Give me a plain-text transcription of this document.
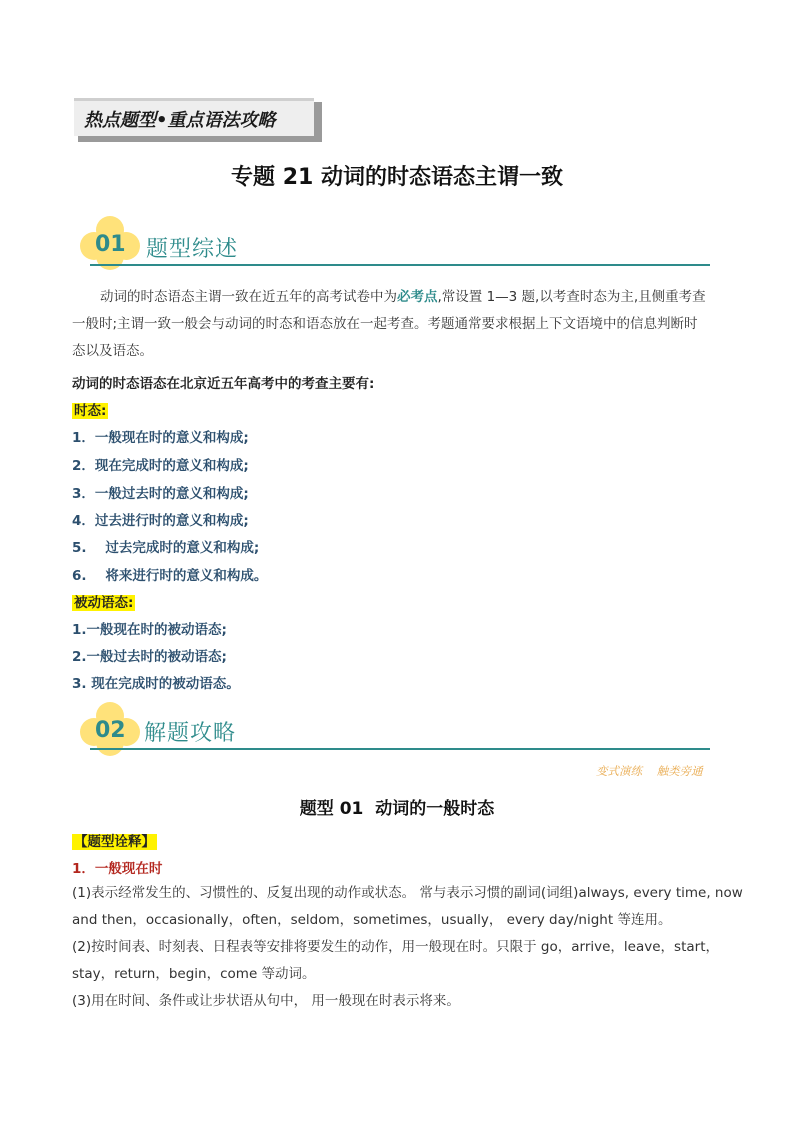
热点题型•重点语法攻略
专题 21 动词的时态语态主谓一致
01 题型综述
动词的时态语态主谓一致在近五年的高考试卷中为必考点,常设置 1—3 题,以考查时态为主,且侧重考查
一般时;主谓一致一般会与动词的时态和语态放在一起考查。考题通常要求根据上下文语境中的信息判断时
态以及语态。
动词的时态语态在北京近五年高考中的考查主要有:
时态:
1．一般现在时的意义和构成;
2．现在完成时的意义和构成;
3．一般过去时的意义和构成;
4．过去进行时的意义和构成;
5.    过去完成时的意义和构成;
6.    将来进行时的意义和构成。
被动语态:
1.一般现在时的被动语态;
2.一般过去时的被动语态;
3. 现在完成时的被动语态。
02 解题攻略
变式演练    触类旁通
题型 01  动词的一般时态
【题型诠释】
1．一般现在时
(1)表示经常发生的、习惯性的、反复出现的动作或状态。 常与表示习惯的副词(词组)always, every time, now
and then，occasionally，often，seldom，sometimes，usually， every day/night 等连用。
(2)按时间表、时刻表、日程表等安排将要发生的动作，用一般现在时。只限于 go，arrive，leave，start，
stay，return，begin，come 等动词。
(3)用在时间、条件或让步状语从句中， 用一般现在时表示将来。
